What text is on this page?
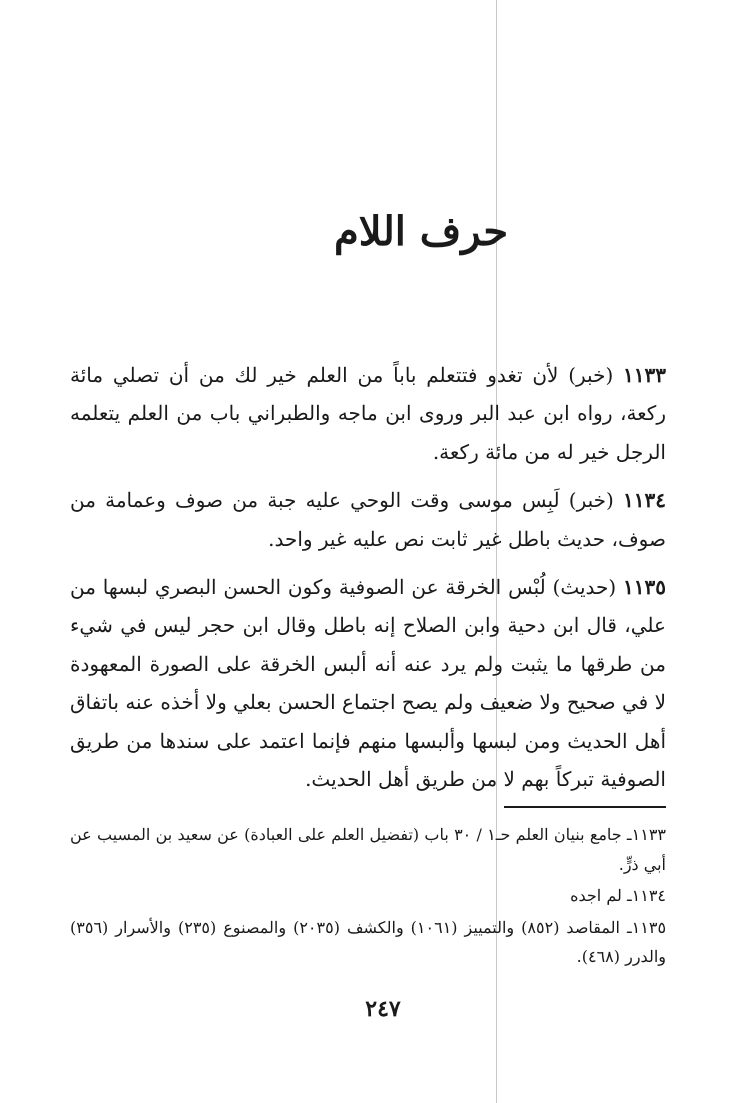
حرف اللام

١١٣٣ (خبر) لأن تغدو فتتعلم باباً من العلم خير لك من أن تصلي مائة ركعة، رواه ابن عبد البر وروى ابن ماجه والطبراني باب من العلم يتعلمه الرجل خير له من مائة ركعة.

١١٣٤ (خبر) لَبِس موسى وقت الوحي عليه جبة من صوف وعمامة من صوف، حديث باطل غير ثابت نص عليه غير واحد.

١١٣٥ (حديث) لُبْس الخرقة عن الصوفية وكون الحسن البصري لبسها من علي، قال ابن دحية وابن الصلاح إنه باطل وقال ابن حجر ليس في شيء من طرقها ما يثبت ولم يرد عنه أنه ألبس الخرقة على الصورة المعهودة لا في صحيح ولا ضعيف ولم يصح اجتماع الحسن بعلي ولا أخذه عنه باتفاق أهل الحديث ومن لبسها وألبسها منهم فإنما اعتمد على سندها من طريق الصوفية تبركاً بهم لا من طريق أهل الحديث.

١١٣٣ـ جامع بنيان العلم حـ١ / ٣٠ باب (تفضيل العلم على العبادة) عن سعيد بن المسيب عن أبي ذرٍّ.

١١٣٤ـ لم اجده

١١٣٥ـ المقاصد (٨٥٢) والتمييز (١٠٦١) والكشف (٢٠٣٥) والمصنوع (٢٣٥) والأسرار (٣٥٦) والدرر (٤٦٨).

٢٤٧
